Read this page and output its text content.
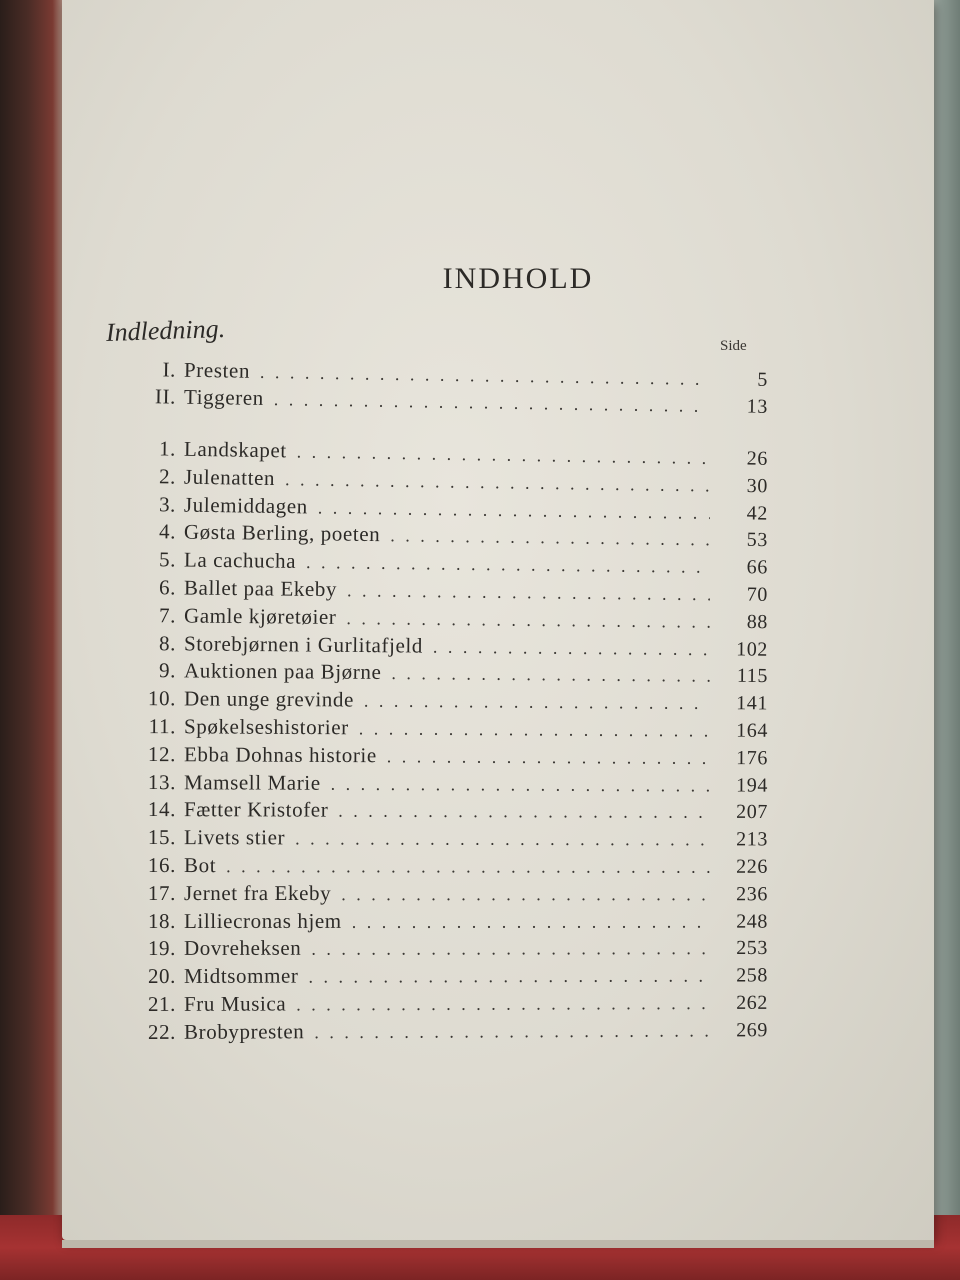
INDHOLD
Indledning.	Side
I. Presten . . .	5
II. Tiggeren . . .	13
1. Landskapet . . .	26
2. Julenatten . . .	30
3. Julemiddagen . . .	42
4. Gøsta Berling, poeten . . .	53
5. La cachucha . . .	66
6. Ballet paa Ekeby . . .	70
7. Gamle kjøretøier . . .	88
8. Storebjørnen i Gurlitafjeld . . .	102
9. Auktionen paa Bjørne . . .	115
10. Den unge grevinde . . .	141
11. Spøkelseshistorier . . .	164
12. Ebba Dohnas historie . . .	176
13. Mamsell Marie . . .	194
14. Fætter Kristofer . . .	207
15. Livets stier . . .	213
16. Bot . . .	226
17. Jernet fra Ekeby . . .	236
18. Lilliecronas hjem . . .	248
19. Dovreheksen . . .	253
20. Midtsommer . . .	258
21. Fru Musica . . .	262
22. Brobypresten . . .	269
